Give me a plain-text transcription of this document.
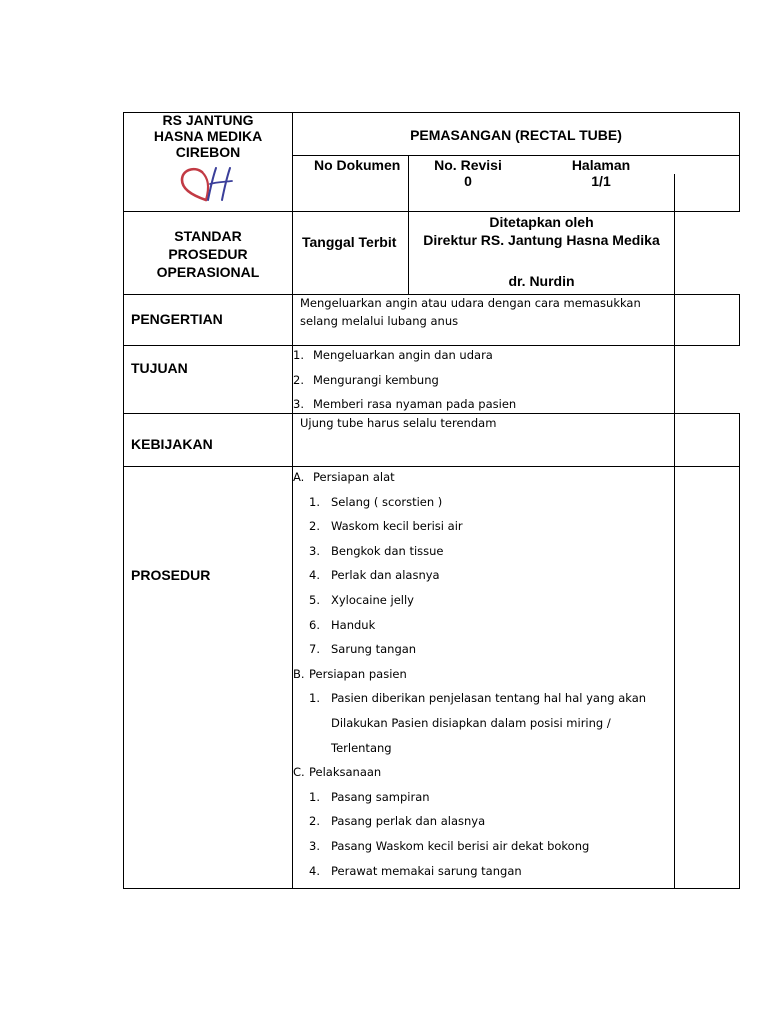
RS JANTUNG
HASNA MEDIKA
CIREBON
PEMASANGAN (RECTAL TUBE)
No Dokumen	No. Revisi
0
Halaman
1/1
STANDAR
PROSEDUR
OPERASIONAL
Tanggal Terbit
Ditetapkan oleh
Direktur RS. Jantung Hasna Medika
dr. Nurdin
PENGERTIAN
Mengeluarkan angin atau udara dengan cara memasukkan
selang melalui lubang anus
TUJUAN
1. Mengeluarkan angin dan udara
2. Mengurangi kembung
3. Memberi rasa nyaman pada pasien
KEBIJAKAN
Ujung tube harus selalu terendam
PROSEDUR
A. Persiapan alat
1. Selang ( scorstien )
2. Waskom kecil berisi air
3. Bengkok dan tissue
4. Perlak dan alasnya
5. Xylocaine jelly
6. Handuk
7. Sarung tangan
B. Persiapan pasien
1. Pasien diberikan penjelasan tentang hal hal yang akan
Dilakukan Pasien disiapkan dalam posisi miring /
Terlentang
C. Pelaksanaan
1. Pasang sampiran
2. Pasang perlak dan alasnya
3. Pasang Waskom kecil berisi air dekat bokong
4. Perawat memakai sarung tangan
